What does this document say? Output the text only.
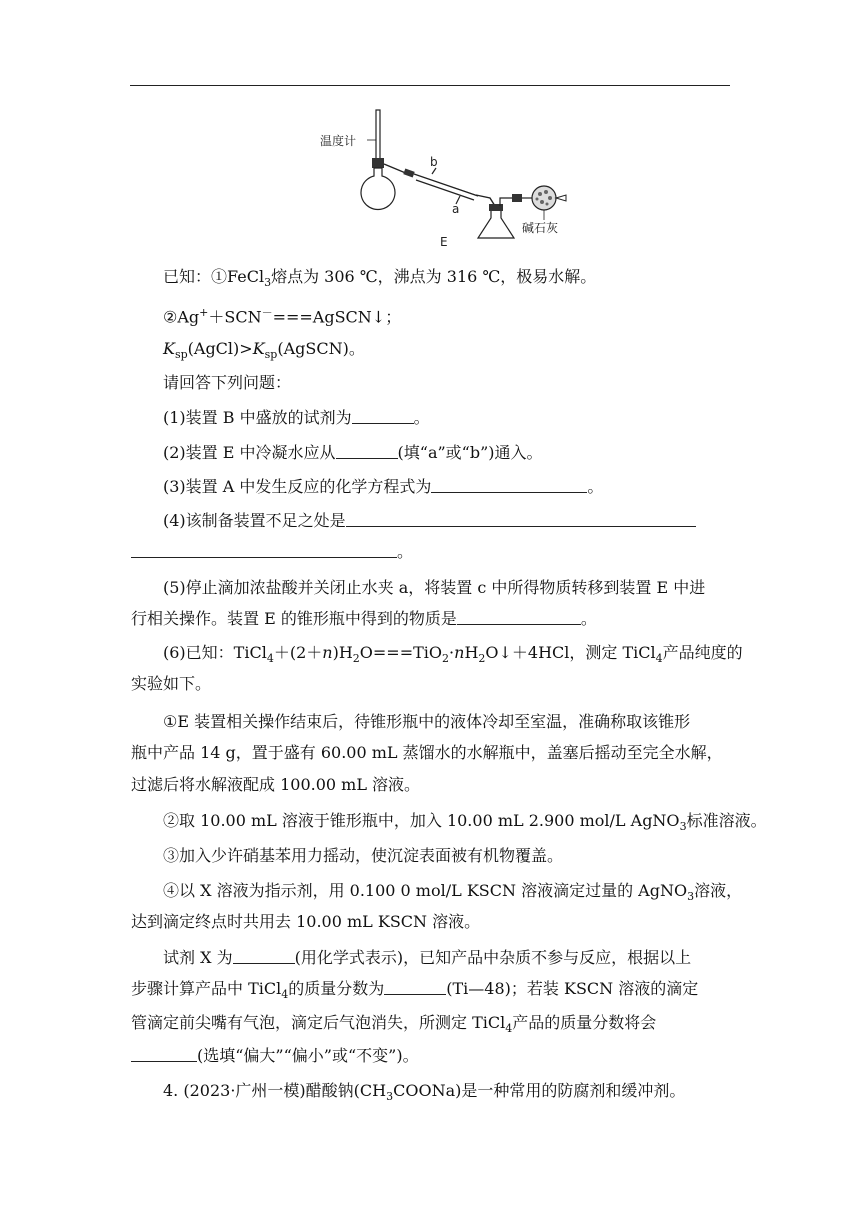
温度计
b
a
碱石灰
E
已知：①FeCl$_3$熔点为 306 ℃，沸点为 316 ℃，极易水解。
②Ag+＋SCN－===AgSCN↓；
$K_{sp}(AgCl)>K_{sp}(AgSCN)$。
请回答下列问题：
(1)装置 B 中盛放的试剂为	。
(2)装置 E 中冷凝水应从	(填“a”或“b”)通入。
(3)装置 A 中发生反应的化学方程式为	。
(4)该制备装置不足之处是
。
(5)停止滴加浓盐酸并关闭止水夹 a，将装置 c 中所得物质转移到装置 E 中进
行相关操作。装置 E 的锥形瓶中得到的物质是	。
(6)已知：$TiCl_4+(2+n)H_2O===TiO_2\cdot nH_2O↓+4HCl$，测定 TiCl$_4$产品纯度的
实验如下。
①E 装置相关操作结束后，待锥形瓶中的液体冷却至室温，准确称取该锥形
瓶中产品 14 g，置于盛有 60.00 mL 蒸馏水的水解瓶中，盖塞后摇动至完全水解，
过滤后将水解液配成 100.00 mL 溶液。
②取 10.00 mL 溶液于锥形瓶中，加入 10.00 mL 2.900 mol/L AgNO$_3$标准溶液。
③加入少许硝基苯用力摇动，使沉淀表面被有机物覆盖。
④以 X 溶液为指示剂，用 0.100 0 mol/L KSCN 溶液滴定过量的 AgNO$_3$溶液，
达到滴定终点时共用去 10.00 mL KSCN 溶液。
试剂 X 为	(用化学式表示)，已知产品中杂质不参与反应，根据以上
步骤计算产品中 TiCl$_4$的质量分数为	(Ti—48)；若装 KSCN 溶液的滴定
管滴定前尖嘴有气泡，滴定后气泡消失，所测定 TiCl$_4$产品的质量分数将会
(选填“偏大”“偏小”或“不变”)。
4. (2023·广州一模)醋酸钠$(CH_3COONa)$是一种常用的防腐剂和缓冲剂。
